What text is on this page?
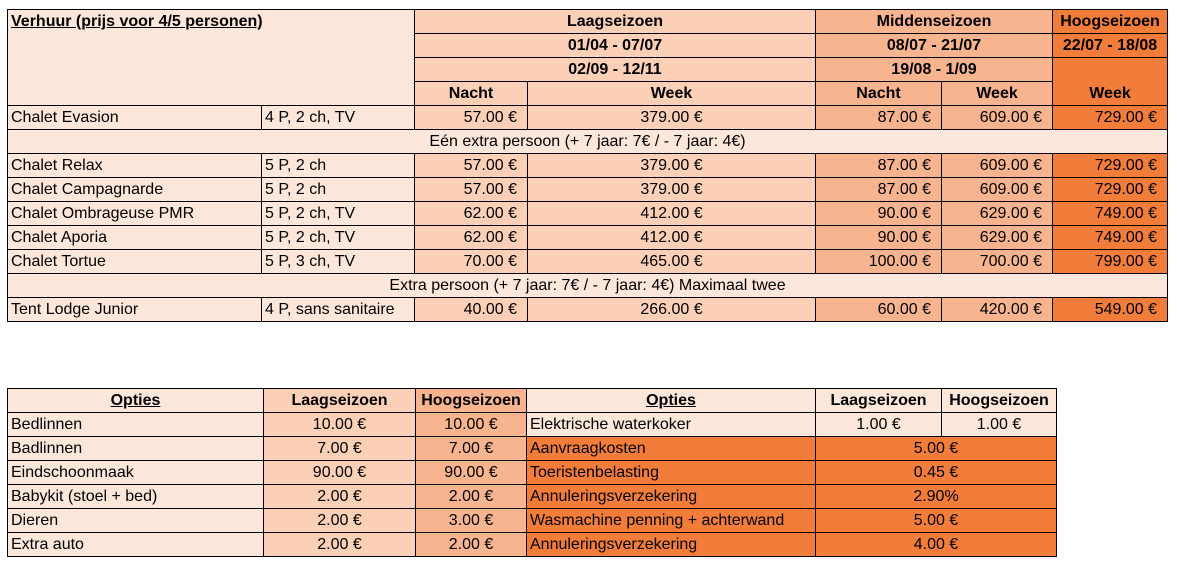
Verhuur (prijs voor 4/5 personen)		Laagseizoen		Middenseizoen		Hoogseizoen
		01/04 - 07/07		08/07 - 21/07		22/07 - 18/08
		02/09 - 12/11		19/08 - 1/09		Week
		Nacht	Week	Nacht	Week	
Chalet Evasion	4 P, 2 ch, TV	57.00 €	379.00 €	87.00 €	609.00 €	729.00 €
Eén extra persoon (+ 7 jaar: 7€ / - 7 jaar: 4€)						
Chalet Relax	5 P, 2 ch	57.00 €	379.00 €	87.00 €	609.00 €	729.00 €
Chalet Campagnarde	5 P, 2 ch	57.00 €	379.00 €	87.00 €	609.00 €	729.00 €
Chalet Ombrageuse PMR	5 P, 2 ch, TV	62.00 €	412.00 €	90.00 €	629.00 €	749.00 €
Chalet Aporia	5 P, 2 ch, TV	62.00 €	412.00 €	90.00 €	629.00 €	749.00 €
Chalet Tortue	5 P, 3 ch, TV	70.00 €	465.00 €	100.00 €	700.00 €	799.00 €
Extra persoon (+ 7 jaar: 7€ / - 7 jaar: 4€) Maximaal twee						
Tent Lodge Junior	4 P, sans sanitaire	40.00 €	266.00 €	60.00 €	420.00 €	549.00 €
Opties	Laagseizoen	Hoogseizoen	Opties	Laagseizoen	Hoogseizoen
Bedlinnen	10.00 €	10.00 €	Elektrische waterkoker	1.00 €	1.00 €
Badlinnen	7.00 €	7.00 €	Aanvraagkosten	5.00 €	
Eindschoonmaak	90.00 €	90.00 €	Toeristenbelasting	0.45 €	
Babykit (stoel + bed)	2.00 €	2.00 €	Annuleringsverzekering	2.90%	
Dieren	2.00 €	3.00 €	Wasmachine penning + achterwand	5.00 €	
Extra auto	2.00 €	2.00 €	Annuleringsverzekering	4.00 €	
